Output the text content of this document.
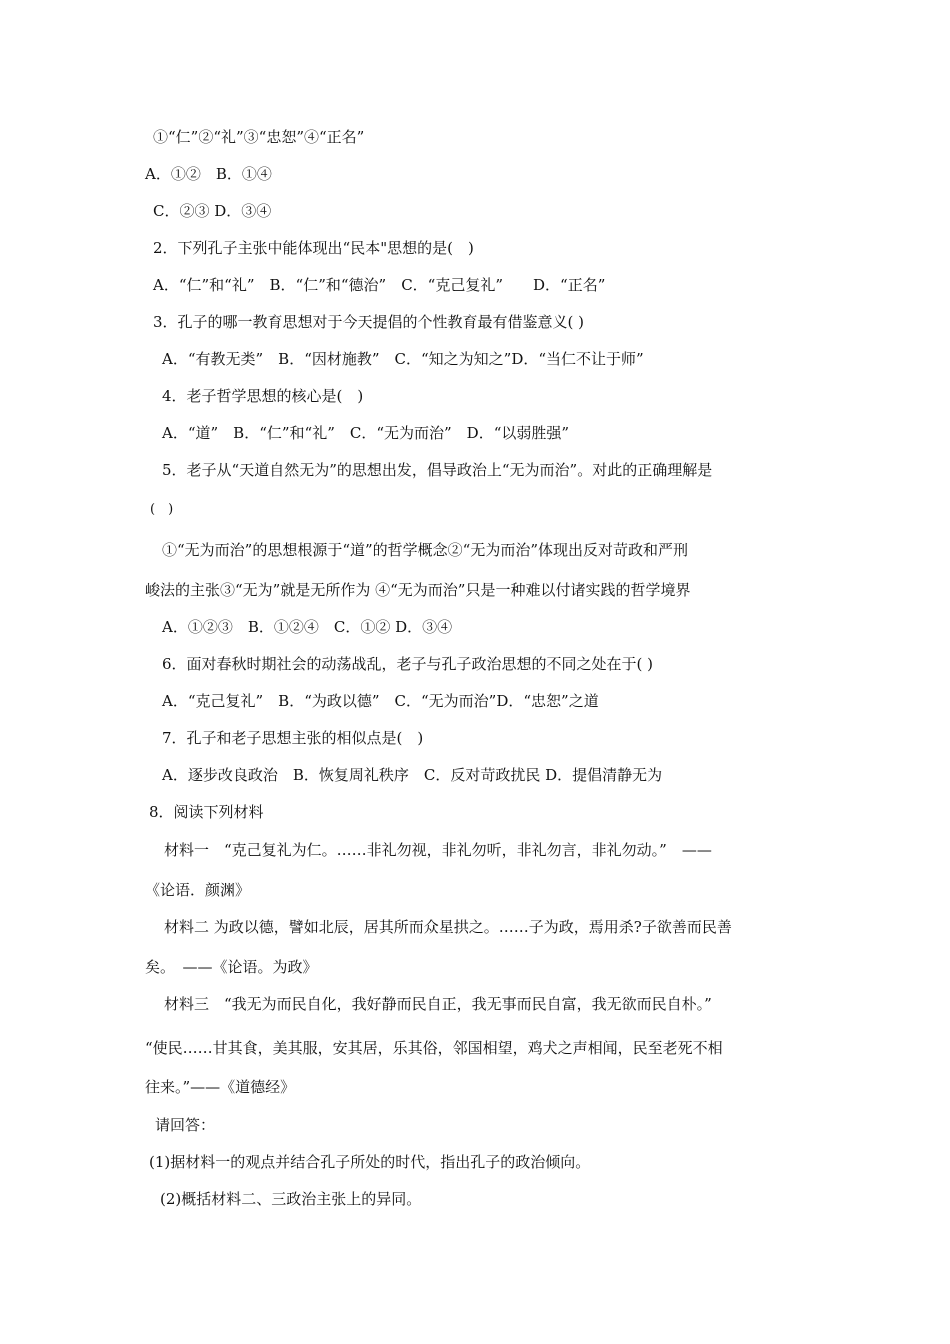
①“仁”②“礼”③“忠恕”④“正名”

A．①②　B．①④

C．②③ D．③④

2．下列孔子主张中能体现出“民本"思想的是(　)

A．“仁”和“礼”　B．“仁”和“德治”　C．“克己复礼”　　D．“正名”

3．孔子的哪一教育思想对于今天提倡的个性教育最有借鉴意义( )

A．“有教无类”　B．“因材施教”　C．“知之为知之”D．“当仁不让于师”

4．老子哲学思想的核心是(　)

A．“道”　B．“仁”和“礼”　C．“无为而治”　D．“以弱胜强”

5．老子从“天道自然无为”的思想出发，倡导政治上“无为而治”。对此的正确理解是

(　)

①“无为而治”的思想根源于“道”的哲学概念②“无为而治”体现出反对苛政和严刑

峻法的主张③“无为”就是无所作为 ④“无为而治”只是一种难以付诸实践的哲学境界

A．①②③　B．①②④　C．①② D．③④

6．面对春秋时期社会的动荡战乱，老子与孔子政治思想的不同之处在于( )

A．“克己复礼”　B．“为政以德”　C．“无为而治”D．“忠恕”之道

7．孔子和老子思想主张的相似点是(　)

A．逐步改良政治　B．恢复周礼秩序　C．反对苛政扰民 D．提倡清静无为

8．阅读下列材料

材料一　“克己复礼为仁。……非礼勿视，非礼勿听，非礼勿言，非礼勿动。”　——

《论语．颜渊》

材料二 为政以德，譬如北辰，居其所而众星拱之。……子为政，焉用杀?子欲善而民善

矣。　——《论语。为政》

材料三　“我无为而民自化，我好静而民自正，我无事而民自富，我无欲而民自朴。”

“使民……甘其食，美其服，安其居，乐其俗，邻国相望，鸡犬之声相闻，民至老死不相

往来。”——《道德经》

请回答：

(1)据材料一的观点并结合孔子所处的时代，指出孔子的政治倾向。

(2)概括材料二、三政治主张上的异同。
